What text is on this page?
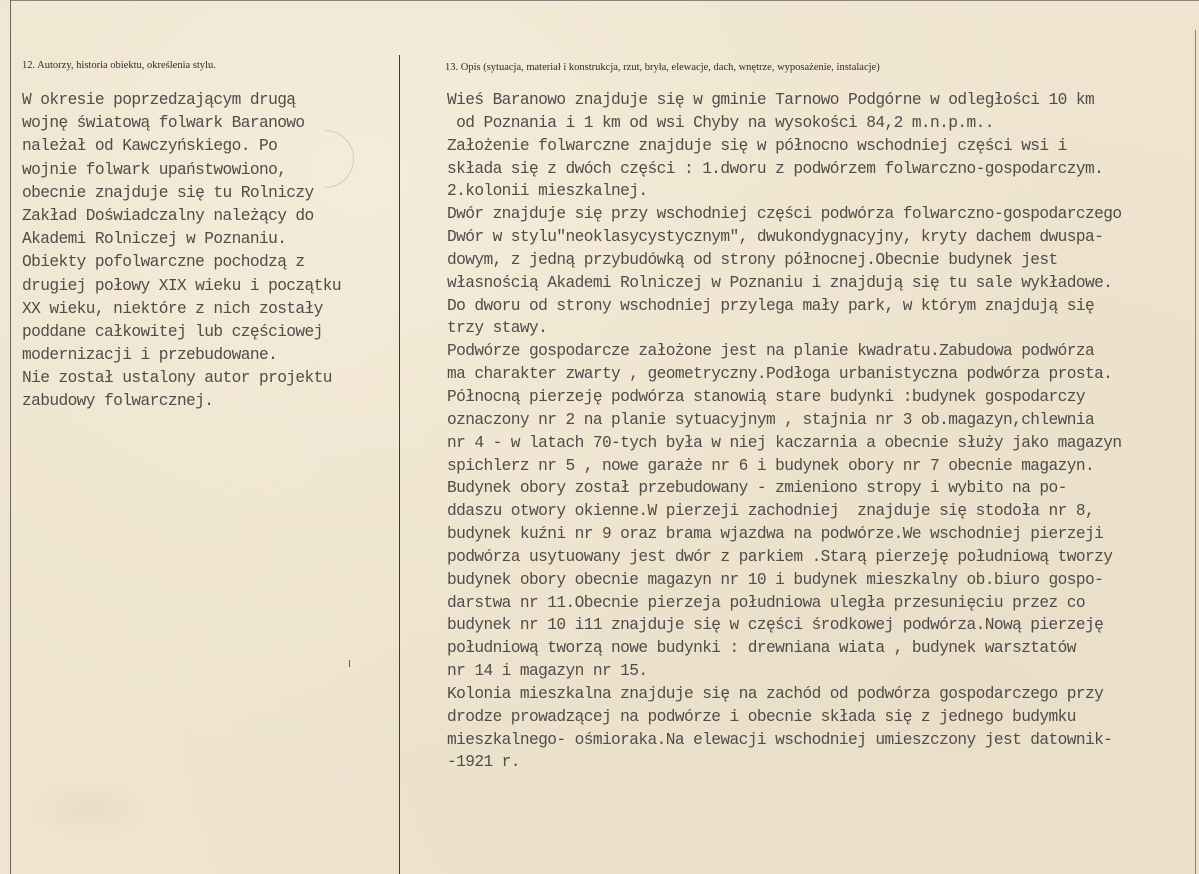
12. Autorzy, historia obiektu, określenia stylu.	13. Opis (sytuacja, materiał i konstrukcja, rzut, bryła, elewacje, dach, wnętrze, wyposażenie, instalacje)
W okresie poprzedzającym drugą
wojnę światową folwark Baranowo
należał od Kawczyńskiego. Po
wojnie folwark upaństwowiono,
obecnie znajduje się tu Rolniczy
Zakład Doświadczalny należący do
Akademi Rolniczej w Poznaniu.
Obiekty pofolwarczne pochodzą z
drugiej połowy XIX wieku i początku
XX wieku, niektóre z nich zostały
poddane całkowitej lub częściowej
modernizacji i przebudowane.
Nie został ustalony autor projektu
zabudowy folwarcznej.
Wieś Baranowo znajduje się w gminie Tarnowo Podgórne w odległości 10 km
od Poznania i 1 km od wsi Chyby na wysokości 84,2 m.n.p.m..
Założenie folwarczne znajduje się w północno wschodniej części wsi i
składa się z dwóch części : 1.dworu z podwórzem folwarczno-gospodarczym.
2.kolonii mieszkalnej.
Dwór znajduje się przy wschodniej części podwórza folwarczno-gospodarczego
Dwór w stylu"neoklasycystycznym", dwukondygnacyjny, kryty dachem dwuspa-
dowym, z jedną przybudówką od strony północnej.Obecnie budynek jest
własnością Akademi Rolniczej w Poznaniu i znajdują się tu sale wykładowe.
Do dworu od strony wschodniej przylega mały park, w którym znajdują się
trzy stawy.
Podwórze gospodarcze założone jest na planie kwadratu.Zabudowa podwórza
ma charakter zwarty , geometryczny.Podłoga urbanistyczna podwórza prosta.
Północną pierzeję podwórza stanowią stare budynki :budynek gospodarczy
oznaczony nr 2 na planie sytuacyjnym , stajnia nr 3 ob.magazyn,chlewnia
nr 4 - w latach 70-tych była w niej kaczarnia a obecnie służy jako magazyn
spichlerz nr 5 , nowe garaże nr 6 i budynek obory nr 7 obecnie magazyn.
Budynek obory został przebudowany - zmieniono stropy i wybito na po-
ddaszu otwory okienne.W pierzeji zachodniej  znajduje się stodoła nr 8,
budynek kuźni nr 9 oraz brama wjazdwa na podwórze.We wschodniej pierzeji
podwórza usytuowany jest dwór z parkiem .Starą pierzeję południową tworzy
budynek obory obecnie magazyn nr 10 i budynek mieszkalny ob.biuro gospo-
darstwa nr 11.Obecnie pierzeja południowa uległa przesunięciu przez co
budynek nr 10 i11 znajduje się w części środkowej podwórza.Nową pierzeję
południową tworzą nowe budynki : drewniana wiata , budynek warsztatów
nr 14 i magazyn nr 15.
Kolonia mieszkalna znajduje się na zachód od podwórza gospodarczego przy
drodze prowadzącej na podwórze i obecnie składa się z jednego budymku
mieszkalnego- ośmioraka.Na elewacji wschodniej umieszczony jest datownik-
-1921 r.
